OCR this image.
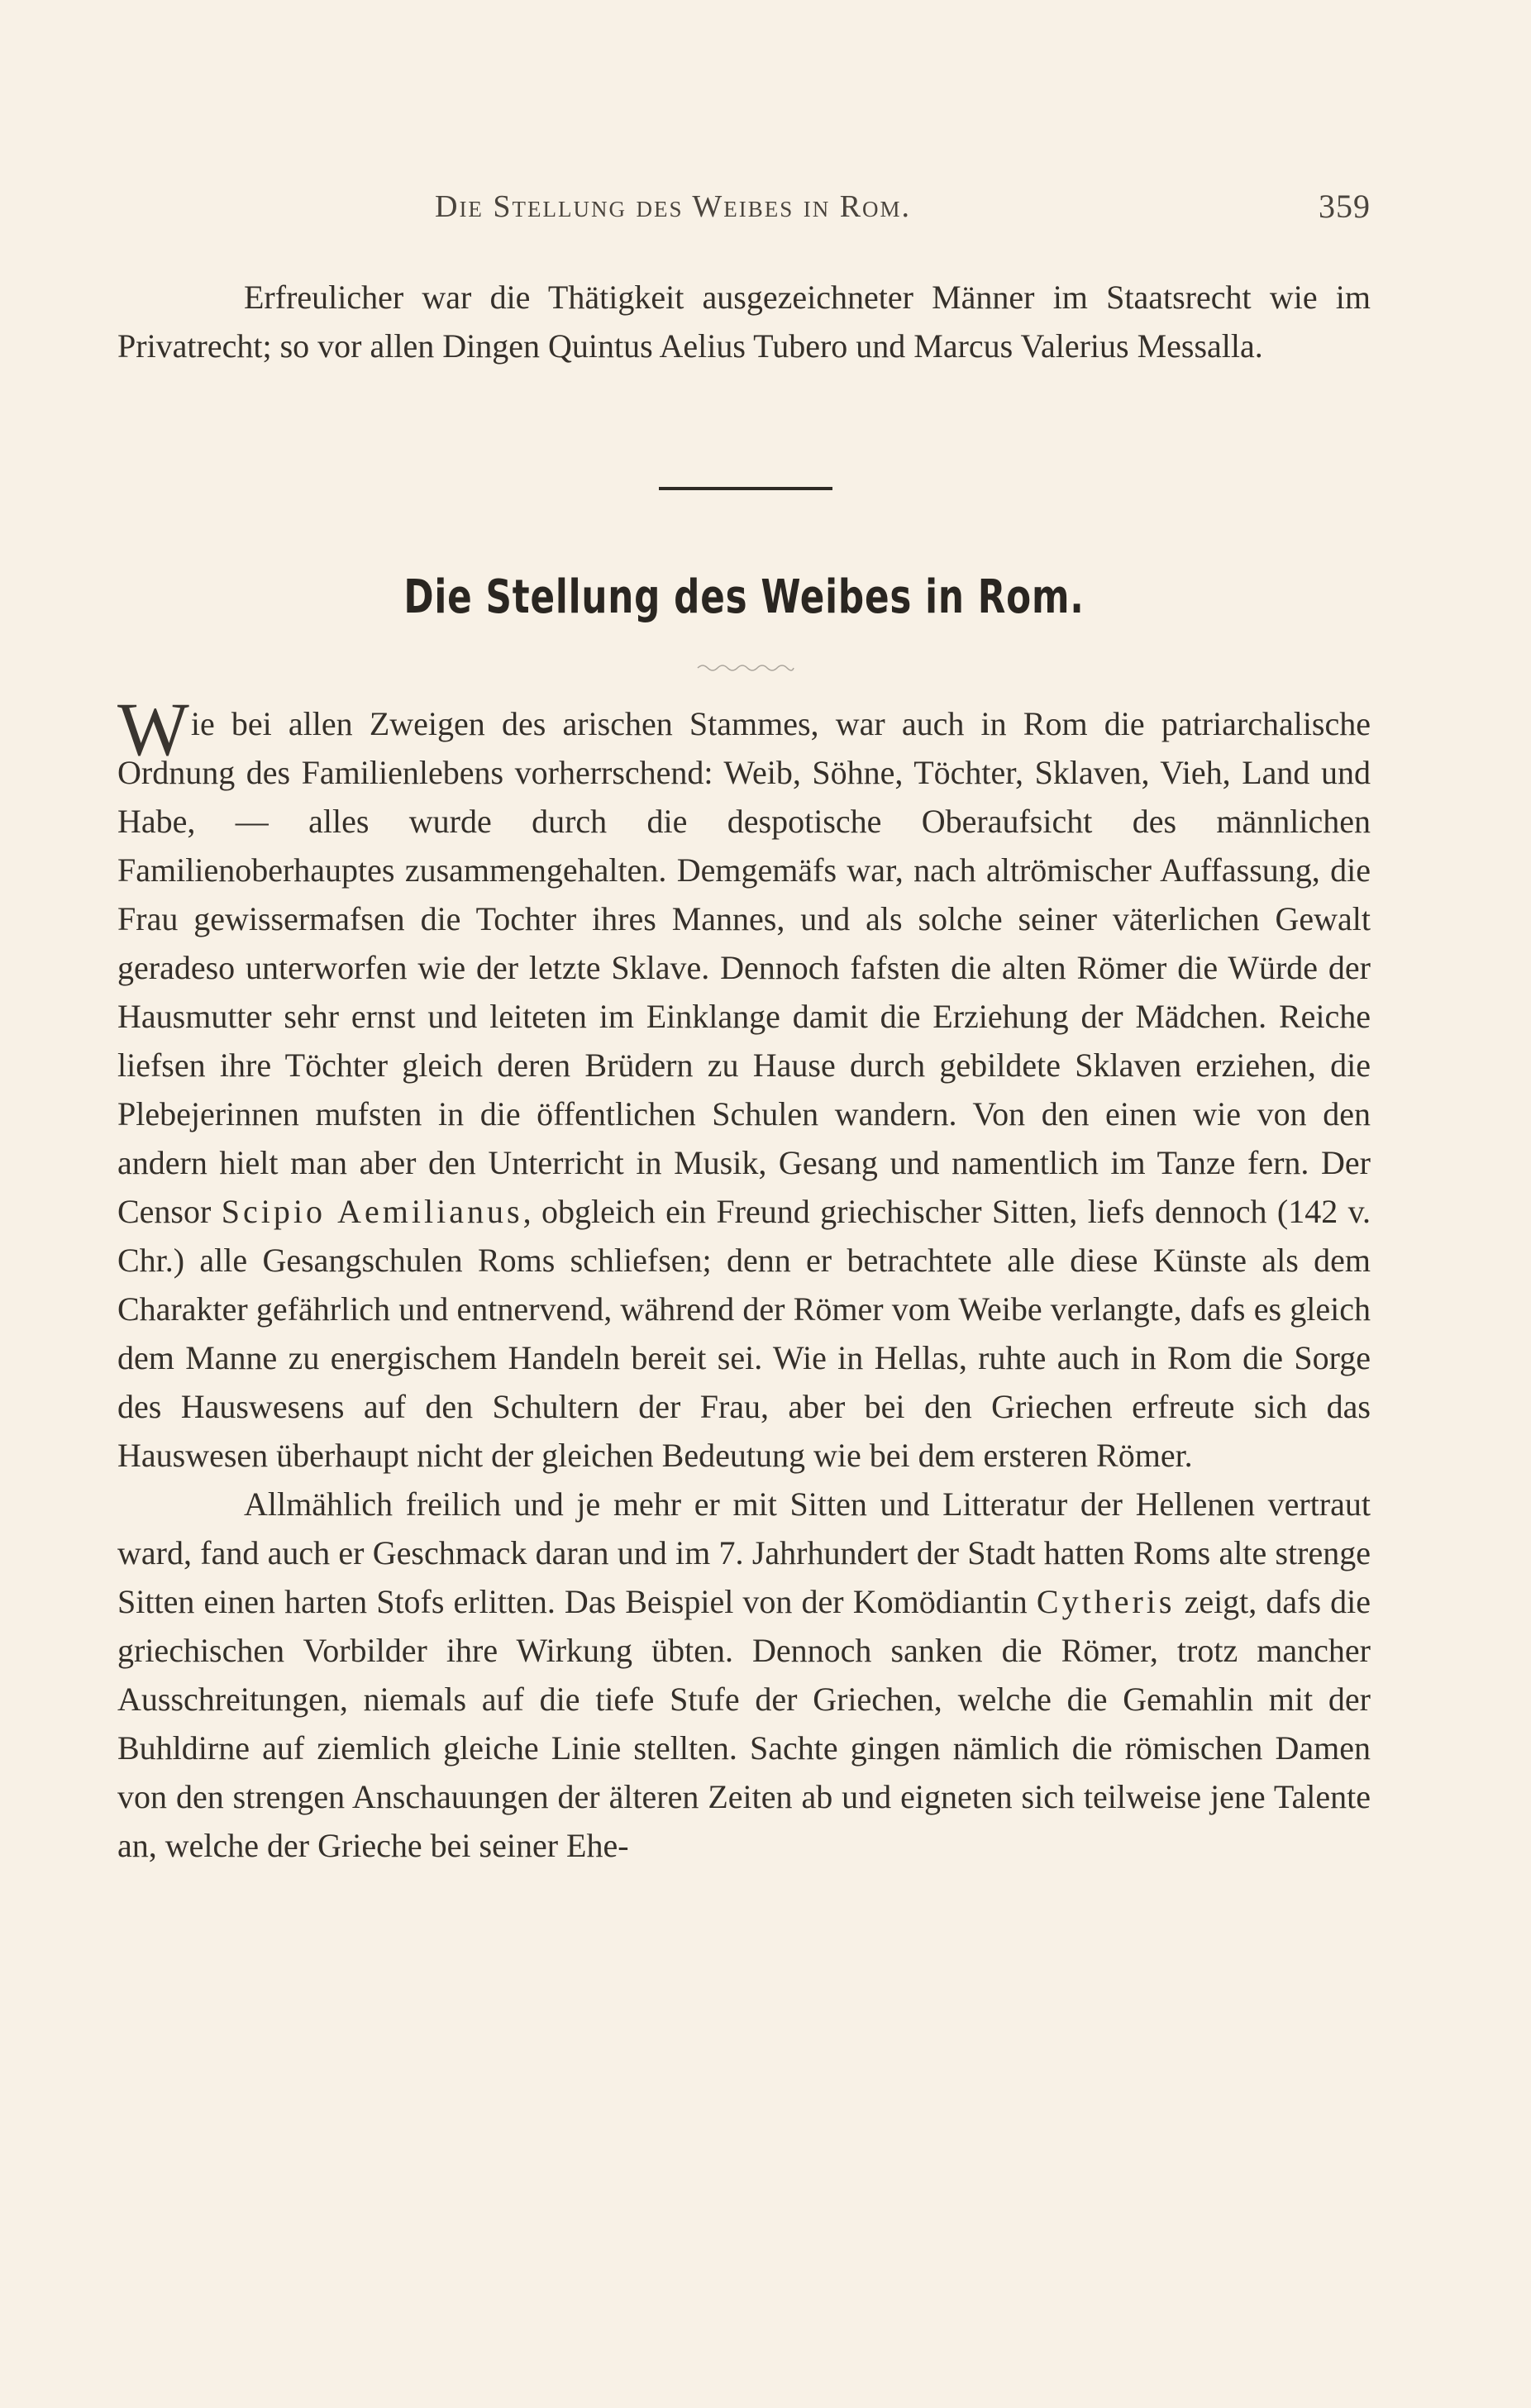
Die Stellung des Weibes in Rom.	359

Erfreulicher war die Thätigkeit ausgezeichneter Männer im Staatsrecht wie im Privatrecht; so vor allen Dingen Quintus Aelius Tubero und Marcus Valerius Messalla.

Die Stellung des Weibes in Rom.

Wie bei allen Zweigen des arischen Stammes, war auch in Rom die patriarchalische Ordnung des Familienlebens vorherrschend: Weib, Söhne, Töchter, Sklaven, Vieh, Land und Habe, — alles wurde durch die despotische Oberaufsicht des männlichen Familienoberhauptes zusammengehalten. Demgemäfs war, nach altrömischer Auffassung, die Frau gewissermafsen die Tochter ihres Mannes, und als solche seiner väterlichen Gewalt geradeso unterworfen wie der letzte Sklave. Dennoch fafsten die alten Römer die Würde der Hausmutter sehr ernst und leiteten im Einklange damit die Erziehung der Mädchen. Reiche liefsen ihre Töchter gleich deren Brüdern zu Hause durch gebildete Sklaven erziehen, die Plebejerinnen mufsten in die öffentlichen Schulen wandern. Von den einen wie von den andern hielt man aber den Unterricht in Musik, Gesang und namentlich im Tanze fern. Der Censor Scipio Aemilianus, obgleich ein Freund griechischer Sitten, liefs dennoch (142 v. Chr.) alle Gesangschulen Roms schliefsen; denn er betrachtete alle diese Künste als dem Charakter gefährlich und entnervend, während der Römer vom Weibe verlangte, dafs es gleich dem Manne zu energischem Handeln bereit sei. Wie in Hellas, ruhte auch in Rom die Sorge des Hauswesens auf den Schultern der Frau, aber bei den Griechen erfreute sich das Hauswesen überhaupt nicht der gleichen Bedeutung wie bei dem ersteren Römer.

Allmählich freilich und je mehr er mit Sitten und Litteratur der Hellenen vertraut ward, fand auch er Geschmack daran und im 7. Jahrhundert der Stadt hatten Roms alte strenge Sitten einen harten Stofs erlitten. Das Beispiel von der Komödiantin Cytheris zeigt, dafs die griechischen Vorbilder ihre Wirkung übten. Dennoch sanken die Römer, trotz mancher Ausschreitungen, niemals auf die tiefe Stufe der Griechen, welche die Gemahlin mit der Buhldirne auf ziemlich gleiche Linie stellten. Sachte gingen nämlich die römischen Damen von den strengen Anschauungen der älteren Zeiten ab und eigneten sich teilweise jene Talente an, welche der Grieche bei seiner Ehe-
